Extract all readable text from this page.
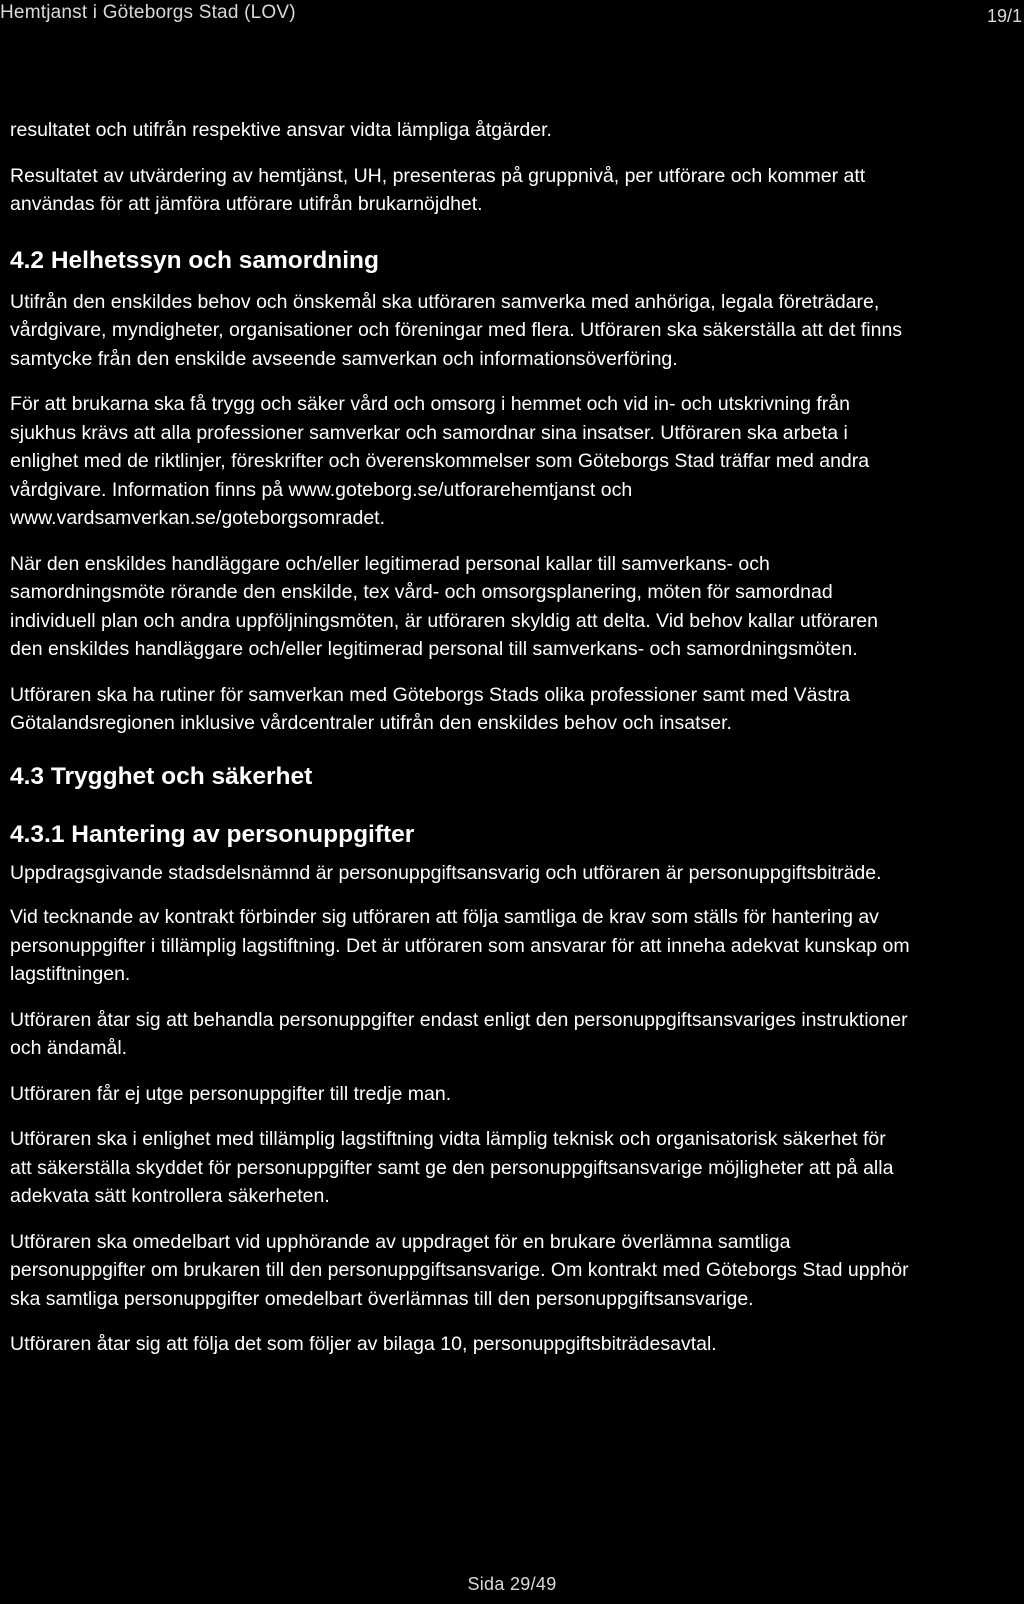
Hemtjanst i Göteborgs Stad (LOV)	19/1

resultatet och utifrån respektive ansvar vidta lämpliga åtgärder.

Resultatet av utvärdering av hemtjänst, UH, presenteras på gruppnivå, per utförare och kommer att
användas för att jämföra utförare utifrån brukarnöjdhet.

4.2 Helhetssyn och samordning

Utifrån den enskildes behov och önskemål ska utföraren samverka med anhöriga, legala företrädare,
vårdgivare, myndigheter, organisationer och föreningar med flera. Utföraren ska säkerställa att det finns
samtycke från den enskilde avseende samverkan och informationsöverföring.

För att brukarna ska få trygg och säker vård och omsorg i hemmet och vid in- och utskrivning från
sjukhus krävs att alla professioner samverkar och samordnar sina insatser. Utföraren ska arbeta i
enlighet med de riktlinjer, föreskrifter och överenskommelser som Göteborgs Stad träffar med andra
vårdgivare. Information finns på www.goteborg.se/utforarehemtjanst och
www.vardsamverkan.se/goteborgsomradet.

När den enskildes handläggare och/eller legitimerad personal kallar till samverkans- och
samordningsmöte rörande den enskilde, tex vård- och omsorgsplanering, möten för samordnad
individuell plan och andra uppföljningsmöten, är utföraren skyldig att delta. Vid behov kallar utföraren
den enskildes handläggare och/eller legitimerad personal till samverkans- och samordningsmöten.

Utföraren ska ha rutiner för samverkan med Göteborgs Stads olika professioner samt med Västra
Götalandsregionen inklusive vårdcentraler utifrån den enskildes behov och insatser.

4.3 Trygghet och säkerhet
4.3.1 Hantering av personuppgifter

Uppdragsgivande stadsdelsnämnd är personuppgiftsansvarig och utföraren är personuppgiftsbiträde.

Vid tecknande av kontrakt förbinder sig utföraren att följa samtliga de krav som ställs för hantering av
personuppgifter i tillämplig lagstiftning. Det är utföraren som ansvarar för att inneha adekvat kunskap om
lagstiftningen.

Utföraren åtar sig att behandla personuppgifter endast enligt den personuppgiftsansvariges instruktioner
och ändamål.

Utföraren får ej utge personuppgifter till tredje man.

Utföraren ska i enlighet med tillämplig lagstiftning vidta lämplig teknisk och organisatorisk säkerhet för
att säkerställa skyddet för personuppgifter samt ge den personuppgiftsansvarige möjligheter att på alla
adekvata sätt kontrollera säkerheten.

Utföraren ska omedelbart vid upphörande av uppdraget för en brukare överlämna samtliga
personuppgifter om brukaren till den personuppgiftsansvarige. Om kontrakt med Göteborgs Stad upphör
ska samtliga personuppgifter omedelbart överlämnas till den personuppgiftsansvarige.

Utföraren åtar sig att följa det som följer av bilaga 10, personuppgiftsbiträdesavtal.

Sida 29/49
